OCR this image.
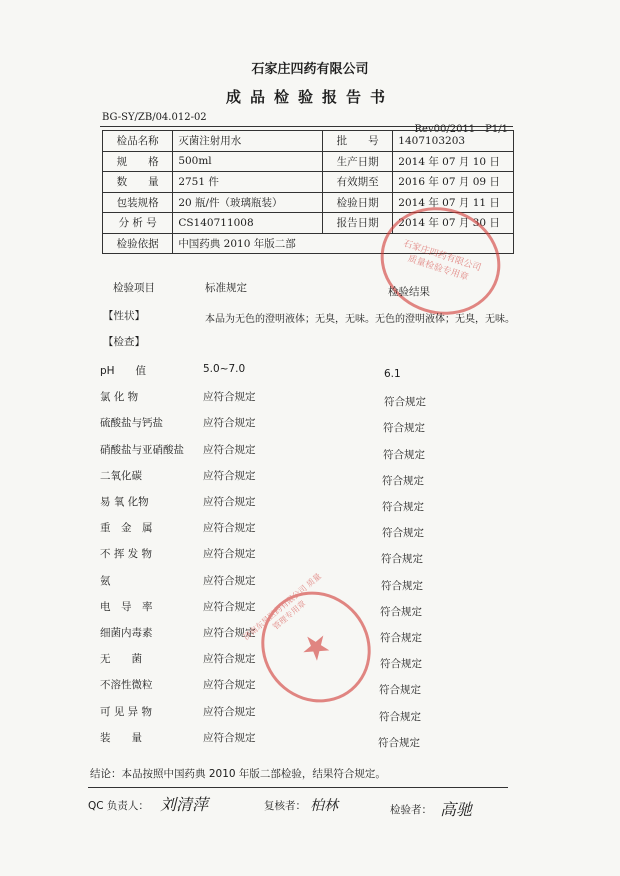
石家庄四药有限公司
成品检验报告书
BG-SY/ZB/04.012-02
Rev00/2011　P1/1
检品名称	灭菌注射用水	批　　号	1407103203
规　　格	500ml	生产日期	2014 年 07 月 10 日
数　　量	2751 件	有效期至	2016 年 07 月 09 日
包装规格	20 瓶/件（玻璃瓶装）	检验日期	2014 年 07 月 11 日
分 析 号	CS140711008	报告日期	2014 年 07 月 30 日
检验依据	中国药典 2010 年版二部			石家庄四药有限公司 质量检验专用章
检验项目	标准规定	检验结果
【性状】	本品为无色的澄明液体；无臭，无味。无色的澄明液体；无臭，无味。
【检查】
pH　　值	5.0~7.0	6.1
氯 化 物	应符合规定	符合规定
硫酸盐与钙盐	应符合规定	符合规定
硝酸盐与亚硝酸盐 应符合规定	符合规定
二氧化碳	应符合规定	符合规定
易 氧 化物	应符合规定	符合规定
重　金　属	应符合规定	符合规定
不 挥 发 物	应符合规定	符合规定
氨	应符合规定	符合规定
电　导　率	应符合规定	符合规定
细菌内毒素	应符合规定	符合规定
无　　菌	应符合规定	符合规定
不溶性微粒	应符合规定	符合规定
可 见 异 物	应符合规定	符合规定
装　　量	应符合规定	符合规定
★
济南东昊医药有限公司 质量管理专用章
结论：本品按照中国药典 2010 年版二部检验，结果符合规定。
QC 负责人： 刘清萍	复核者： 柏林	检验者： 高驰
